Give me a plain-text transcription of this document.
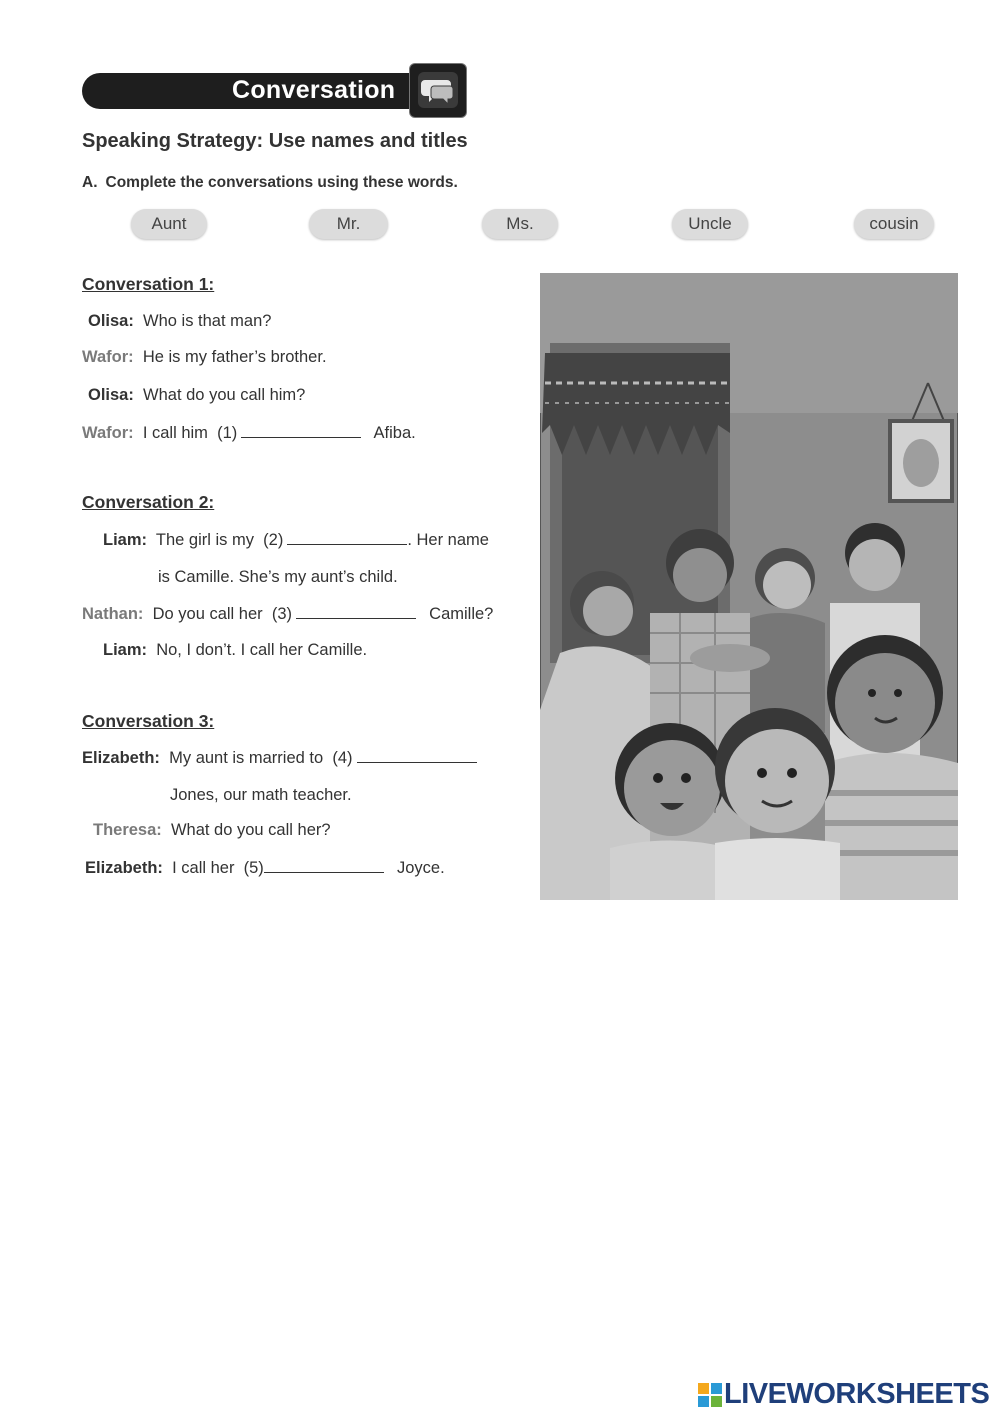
Conversation
Speaking Strategy: Use names and titles
A. Complete the conversations using these words.
Aunt	Mr.	Ms.	Uncle	cousin
Conversation 1:
Olisa: Who is that man?
Wafor: He is my father’s brother.
Olisa: What do you call him?
Wafor: I call him (1)	Afiba.
Conversation 2:
Liam: The girl is my (2)	. Her name
is Camille. She’s my aunt’s child.
Nathan: Do you call her (3)	Camille?
Liam: No, I don’t. I call her Camille.
Conversation 3:
Elizabeth: My aunt is married to (4)
Jones, our math teacher.
Theresa: What do you call her?
Elizabeth: I call her (5)	Joyce.
LIVEWORKSHEETS
